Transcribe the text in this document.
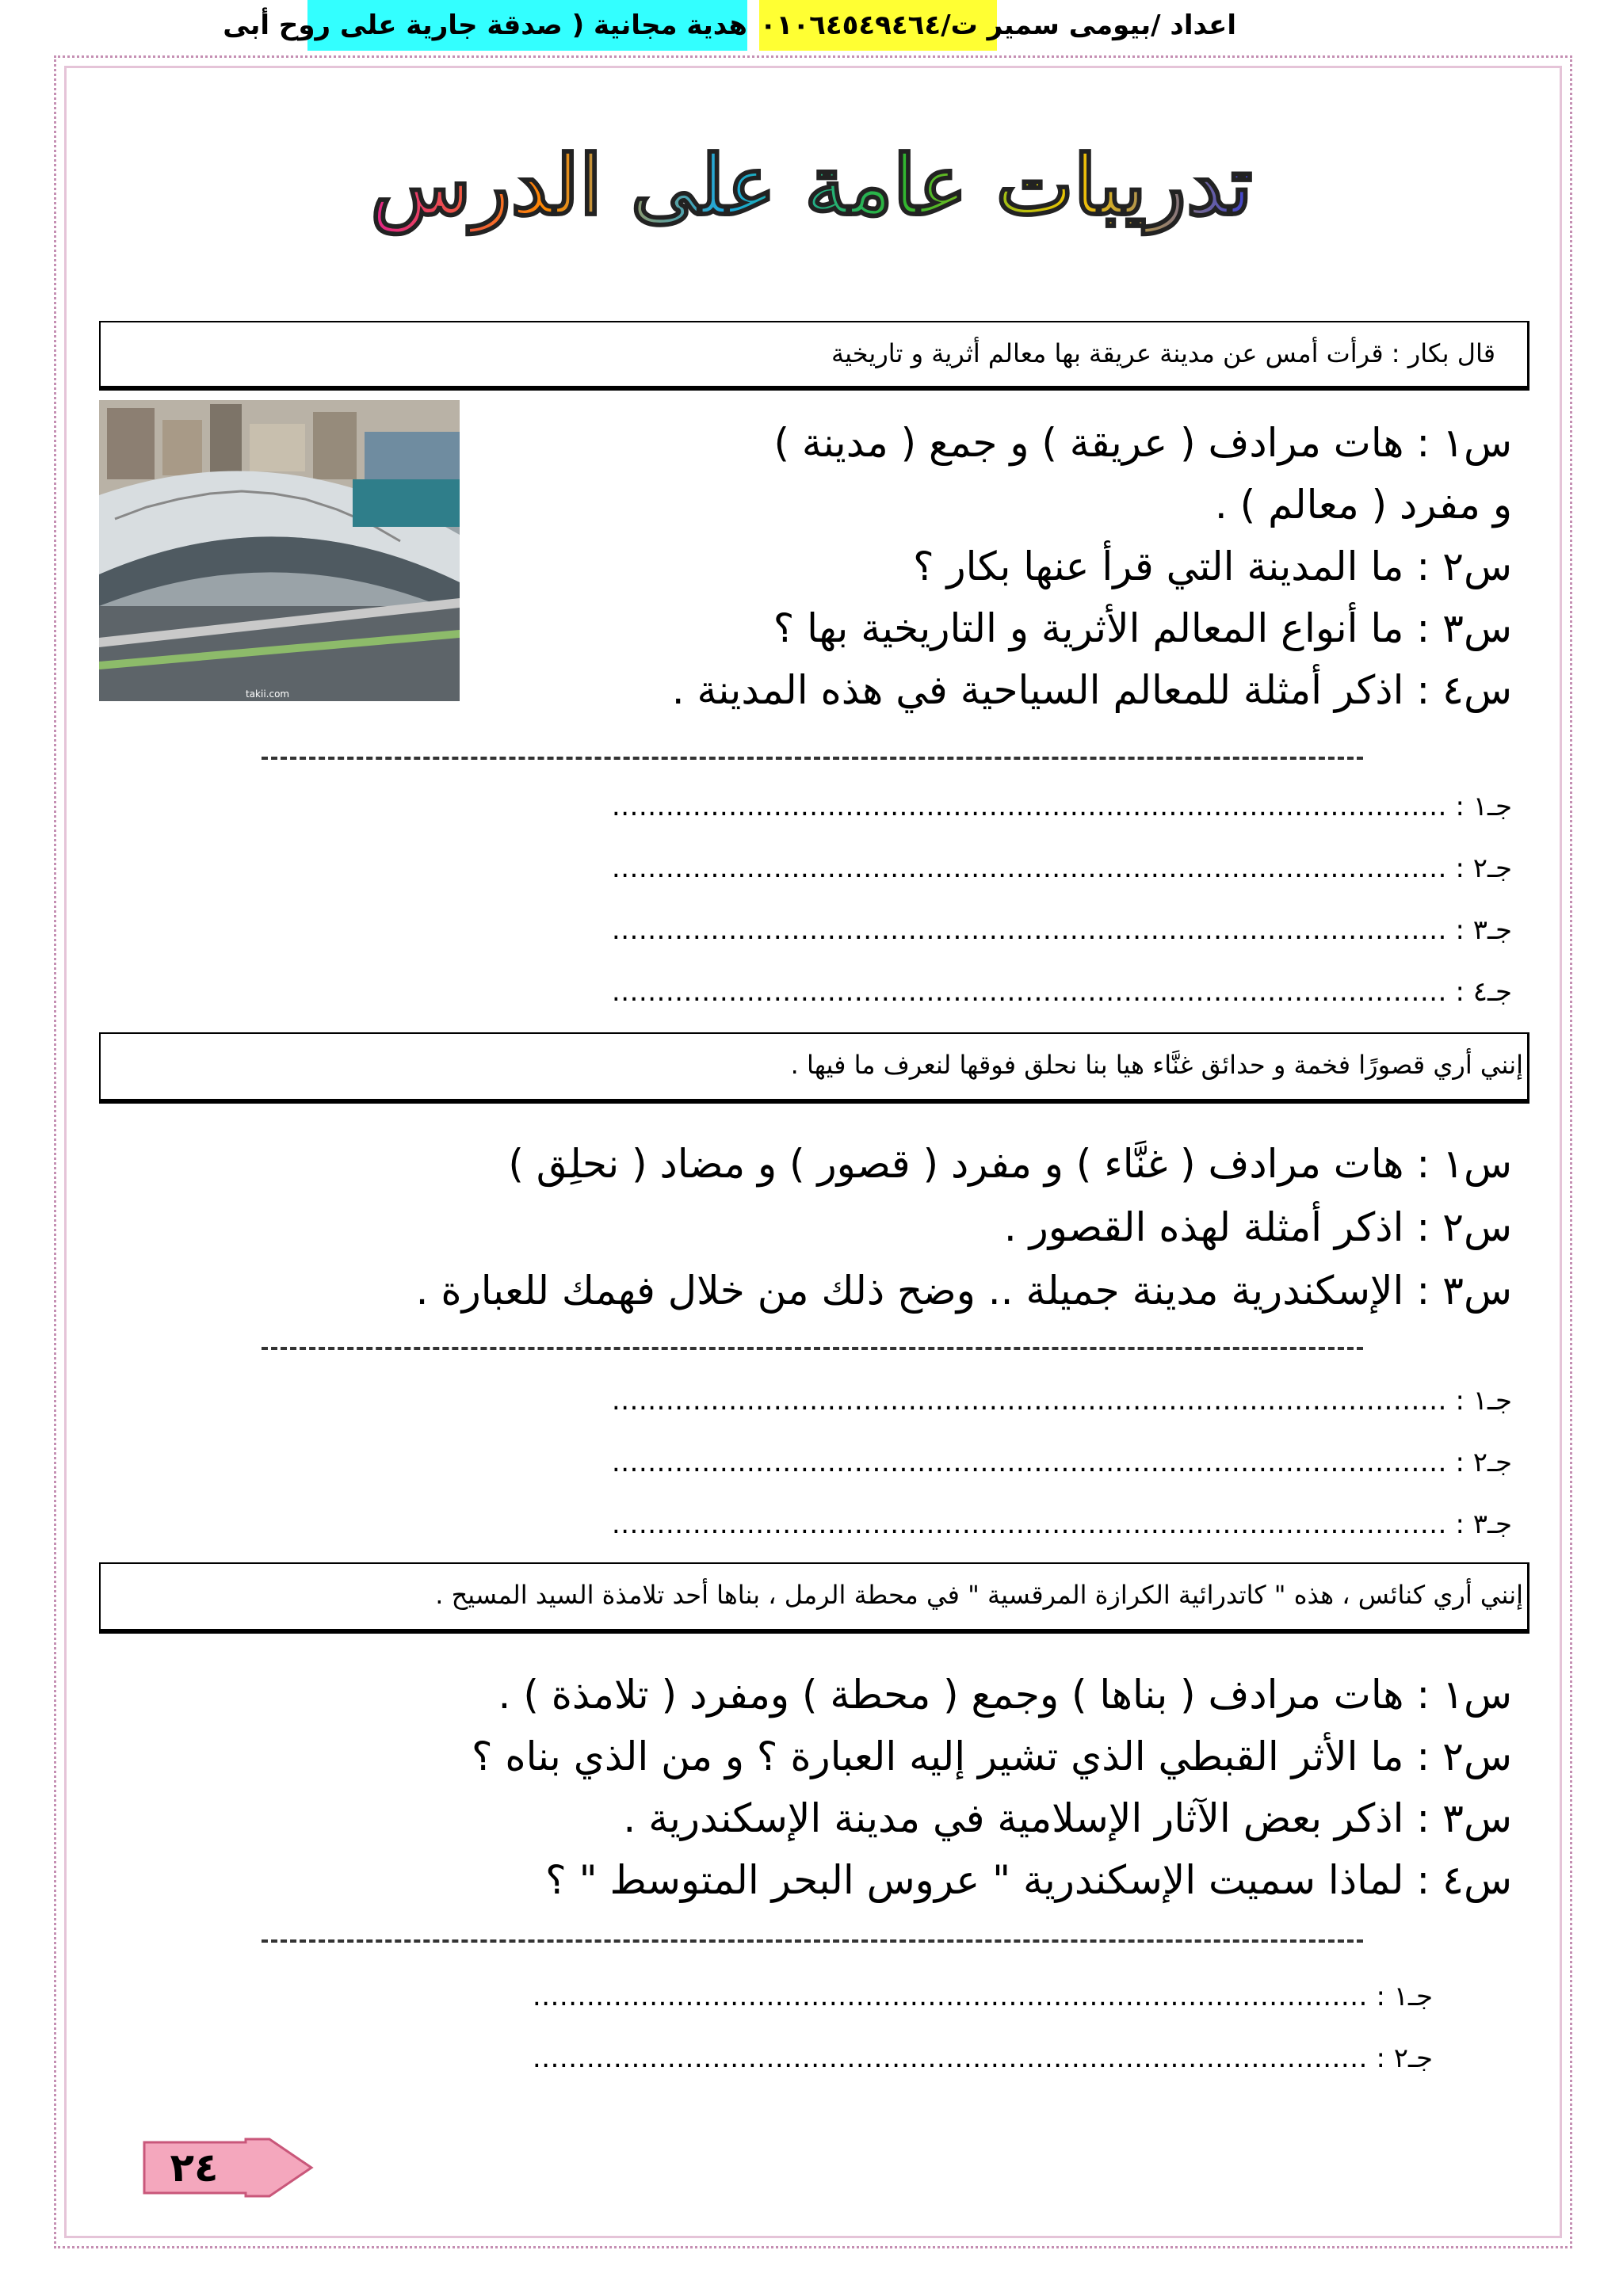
تدريبات عامة على الدرس
قال بكار : قرأت أمس عن مدينة عريقة بها معالم أثرية و تاريخية
takii.com
س١ : هات مرادف ( عريقة ) و جمع ( مدينة )
و مفرد ( معالم ) .
س٢ : ما المدينة التي قرأ عنها بكار ؟
س٣ : ما أنواع المعالم الأثرية و التاريخية بها ؟
س٤ : اذكر أمثلة للمعالم السياحية في هذه المدينة .
جـ١ : …………………………………………………………………………………
جـ٢ : …………………………………………………………………………………
جـ٣ : …………………………………………………………………………………
جـ٤ : …………………………………………………………………………………
إنني أري قصورًا فخمة و حدائق غنَّاء هيا بنا نحلق فوقها لنعرف ما فيها .
س١ : هات مرادف ( غنَّاء ) و مفرد ( قصور ) و مضاد ( نحلِق )
س٢ : اذكر أمثلة لهذه القصور .
س٣ : الإسكندرية مدينة جميلة .. وضح ذلك من خلال فهمك للعبارة .
جـ١ : …………………………………………………………………………………
جـ٢ : …………………………………………………………………………………
جـ٣ : …………………………………………………………………………………
إنني أري كنائس ، هذه " كاتدرائية الكرازة المرقسية " في محطة الرمل ، بناها أحد تلامذة السيد المسيح .
س١ : هات مرادف ( بناها ) وجمع ( محطة ) ومفرد ( تلامذة ) .
س٢ : ما الأثر القبطي الذي تشير إليه العبارة ؟ و من الذي بناه ؟
س٣ : اذكر بعض الآثار الإسلامية في مدينة الإسكندرية .
س٤ : لماذا سميت الإسكندرية " عروس البحر المتوسط " ؟
جـ١ : …………………………………………………………………………………
جـ٢ : …………………………………………………………………………………
٢٤
هدية مجانية ( صدقة جارية على روح أبى اعداد /بيومى سمير ت/٠١٠٦٤٥٤٩٤٦٤
